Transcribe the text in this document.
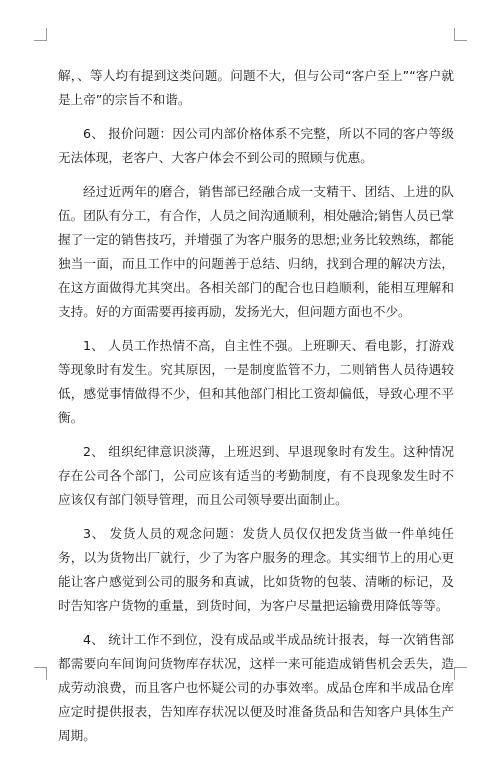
解，、等人均有提到这类问题。问题不大，但与公司“客户至上”“客户就是上帝”的宗旨不和谐。

6、 报价问题：因公司内部价格体系不完整，所以不同的客户等级无法体现，老客户、大客户体会不到公司的照顾与优惠。

经过近两年的磨合，销售部已经融合成一支精干、团结、上进的队伍。团队有分工，有合作，人员之间沟通顺利，相处融洽;销售人员已掌握了一定的销售技巧，并增强了为客户服务的思想;业务比较熟练，都能独当一面，而且工作中的问题善于总结、归纳，找到合理的解决方法，在这方面做得尤其突出。各相关部门的配合也日趋顺利，能相互理解和支持。好的方面需要再接再励，发扬光大，但问题方面也不少。

1、 人员工作热情不高，自主性不强。上班聊天、看电影，打游戏等现象时有发生。究其原因，一是制度监管不力，二则销售人员待遇较低，感觉事情做得不少，但和其他部门相比工资却偏低，导致心理不平衡。

2、 组织纪律意识淡薄，上班迟到、早退现象时有发生。这种情况存在公司各个部门，公司应该有适当的考勤制度，有不良现象发生时不应该仅有部门领导管理，而且公司领导要出面制止。

3、 发货人员的观念问题：发货人员仅仅把发货当做一件单纯任务，以为货物出厂就行，少了为客户服务的理念。其实细节上的用心更能让客户感觉到公司的服务和真诚，比如货物的包装、清晰的标记，及时告知客户货物的重量，到货时间，为客户尽量把运输费用降低等等。

4、 统计工作不到位，没有成品或半成品统计报表，每一次销售部都需要向车间询问货物库存状况，这样一来可能造成销售机会丢失，造成劳动浪费，而且客户也怀疑公司的办事效率。成品仓库和半成品仓库应定时提供报表，告知库存状况以便及时准备货品和告知客户具体生产周期。
